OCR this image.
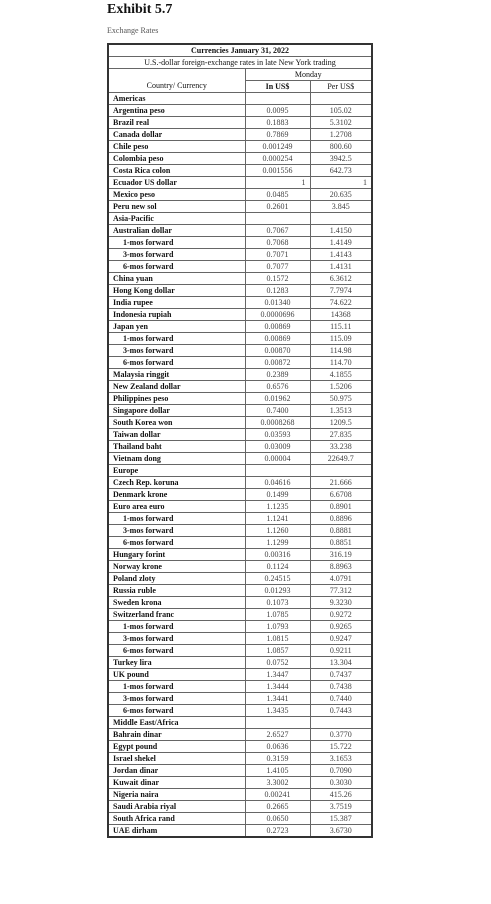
Exhibit 5.7
Exchange Rates
Currencies January 31, 2022		
U.S.-dollar foreign-exchange rates in late New York trading		
	Monday	
Country/ Currency	In US$	Per US$
Americas		
Argentina peso	0.0095	105.02
Brazil real	0.1883	5.3102
Canada dollar	0.7869	1.2708
Chile peso	0.001249	800.60
Colombia peso	0.000254	3942.5
Costa Rica colon	0.001556	642.73
Ecuador US dollar	1	1
Mexico peso	0.0485	20.635
Peru new sol	0.2601	3.845
Asia-Pacific		
Australian dollar	0.7067	1.4150
1-mos forward	0.7068	1.4149
3-mos forward	0.7071	1.4143
6-mos forward	0.7077	1.4131
China yuan	0.1572	6.3612
Hong Kong dollar	0.1283	7.7974
India rupee	0.01340	74.622
Indonesia rupiah	0.0000696	14368
Japan yen	0.00869	115.11
1-mos forward	0.00869	115.09
3-mos forward	0.00870	114.98
6-mos forward	0.00872	114.70
Malaysia ringgit	0.2389	4.1855
New Zealand dollar	0.6576	1.5206
Philippines peso	0.01962	50.975
Singapore dollar	0.7400	1.3513
South Korea won	0.0008268	1209.5
Taiwan dollar	0.03593	27.835
Thailand baht	0.03009	33.238
Vietnam dong	0.00004	22649.7
Europe		
Czech Rep. koruna	0.04616	21.666
Denmark krone	0.1499	6.6708
Euro area euro	1.1235	0.8901
1-mos forward	1.1241	0.8896
3-mos forward	1.1260	0.8881
6-mos forward	1.1299	0.8851
Hungary forint	0.00316	316.19
Norway krone	0.1124	8.8963
Poland zloty	0.24515	4.0791
Russia ruble	0.01293	77.312
Sweden krona	0.1073	9.3230
Switzerland franc	1.0785	0.9272
1-mos forward	1.0793	0.9265
3-mos forward	1.0815	0.9247
6-mos forward	1.0857	0.9211
Turkey lira	0.0752	13.304
UK pound	1.3447	0.7437
1-mos forward	1.3444	0.7438
3-mos forward	1.3441	0.7440
6-mos forward	1.3435	0.7443
Middle East/Africa		
Bahrain dinar	2.6527	0.3770
Egypt pound	0.0636	15.722
Israel shekel	0.3159	3.1653
Jordan dinar	1.4105	0.7090
Kuwait dinar	3.3002	0.3030
Nigeria naira	0.00241	415.26
Saudi Arabia riyal	0.2665	3.7519
South Africa rand	0.0650	15.387
UAE dirham	0.2723	3.6730
